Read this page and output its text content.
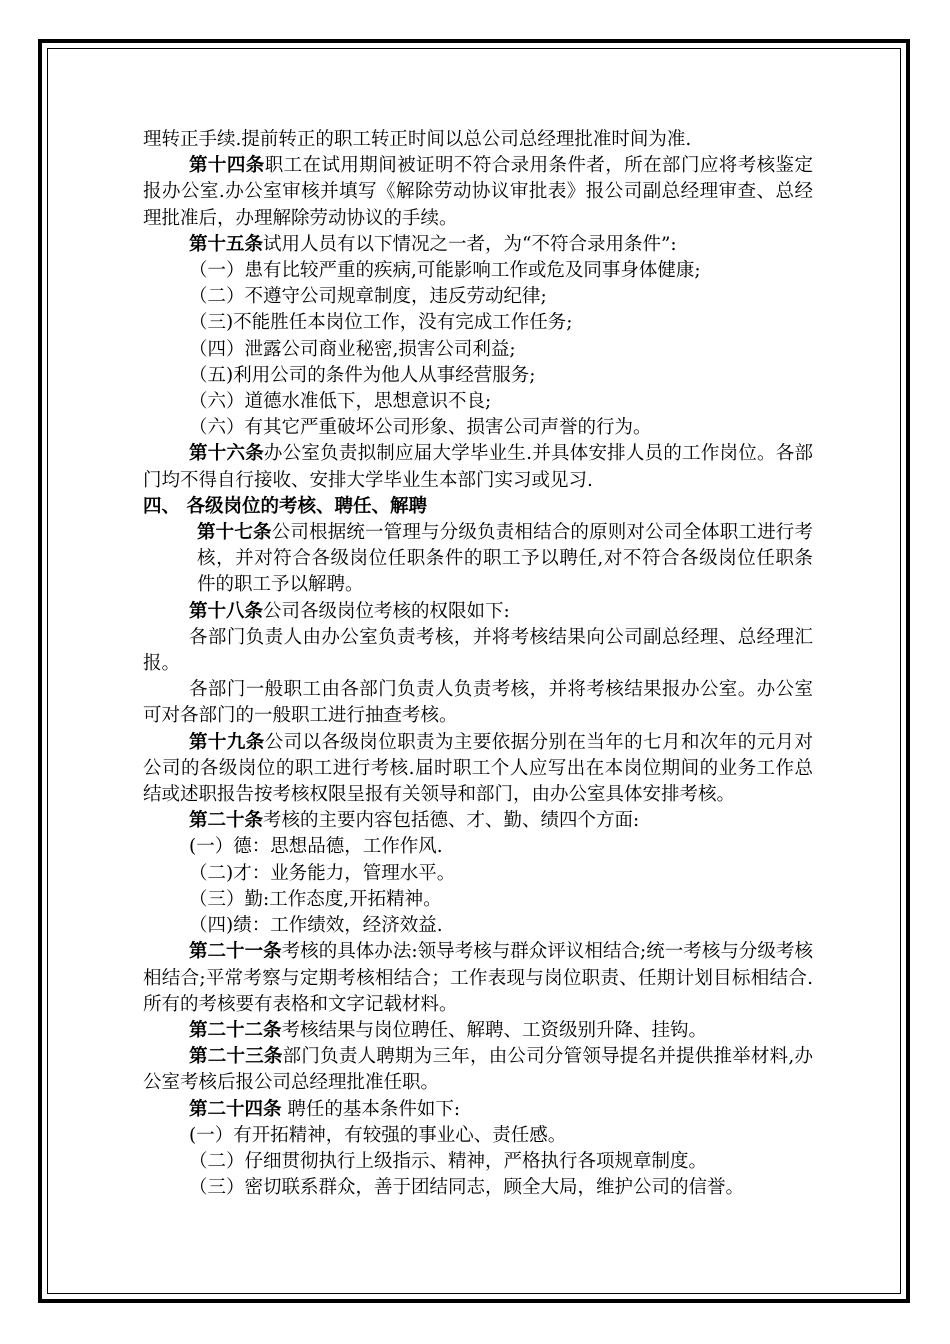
理转正手续.提前转正的职工转正时间以总公司总经理批准时间为准.

第十四条职工在试用期间被证明不符合录用条件者，所在部门应将考核鉴定报办公室.办公室审核并填写《解除劳动协议审批表》报公司副总经理审查、总经理批准后，办理解除劳动协议的手续。

第十五条试用人员有以下情况之一者，为“不符合录用条件”:

（一）患有比较严重的疾病,可能影响工作或危及同事身体健康;

（二）不遵守公司规章制度，违反劳动纪律;

（三)不能胜任本岗位工作，没有完成工作任务;

（四）泄露公司商业秘密,损害公司利益;

（五)利用公司的条件为他人从事经营服务;

（六）道德水准低下，思想意识不良;

（六）有其它严重破坏公司形象、损害公司声誉的行为。

第十六条办公室负责拟制应届大学毕业生.并具体安排人员的工作岗位。各部门均不得自行接收、安排大学毕业生本部门实习或见习.

四、 各级岗位的考核、聘任、解聘

第十七条公司根据统一管理与分级负责相结合的原则对公司全体职工进行考核，并对符合各级岗位任职条件的职工予以聘任,对不符合各级岗位任职条件的职工予以解聘。

第十八条公司各级岗位考核的权限如下:

各部门负责人由办公室负责考核，并将考核结果向公司副总经理、总经理汇报。

各部门一般职工由各部门负责人负责考核，并将考核结果报办公室。办公室可对各部门的一般职工进行抽查考核。

第十九条公司以各级岗位职责为主要依据分别在当年的七月和次年的元月对公司的各级岗位的职工进行考核.届时职工个人应写出在本岗位期间的业务工作总结或述职报告按考核权限呈报有关领导和部门，由办公室具体安排考核。

第二十条考核的主要内容包括德、才、勤、绩四个方面:

(一）德：思想品德，工作作风.

（二)才：业务能力，管理水平。

（三）勤:工作态度,开拓精神。

（四)绩：工作绩效，经济效益.

第二十一条考核的具体办法:领导考核与群众评议相结合;统一考核与分级考核相结合;平常考察与定期考核相结合；工作表现与岗位职责、任期计划目标相结合.所有的考核要有表格和文字记载材料。

第二十二条考核结果与岗位聘任、解聘、工资级别升降、挂钩。

第二十三条部门负责人聘期为三年，由公司分管领导提名并提供推举材料,办公室考核后报公司总经理批准任职。

第二十四条 聘任的基本条件如下:

(一）有开拓精神，有较强的事业心、责任感。

（二）仔细贯彻执行上级指示、精神，严格执行各项规章制度。

（三）密切联系群众，善于团结同志，顾全大局，维护公司的信誉。
